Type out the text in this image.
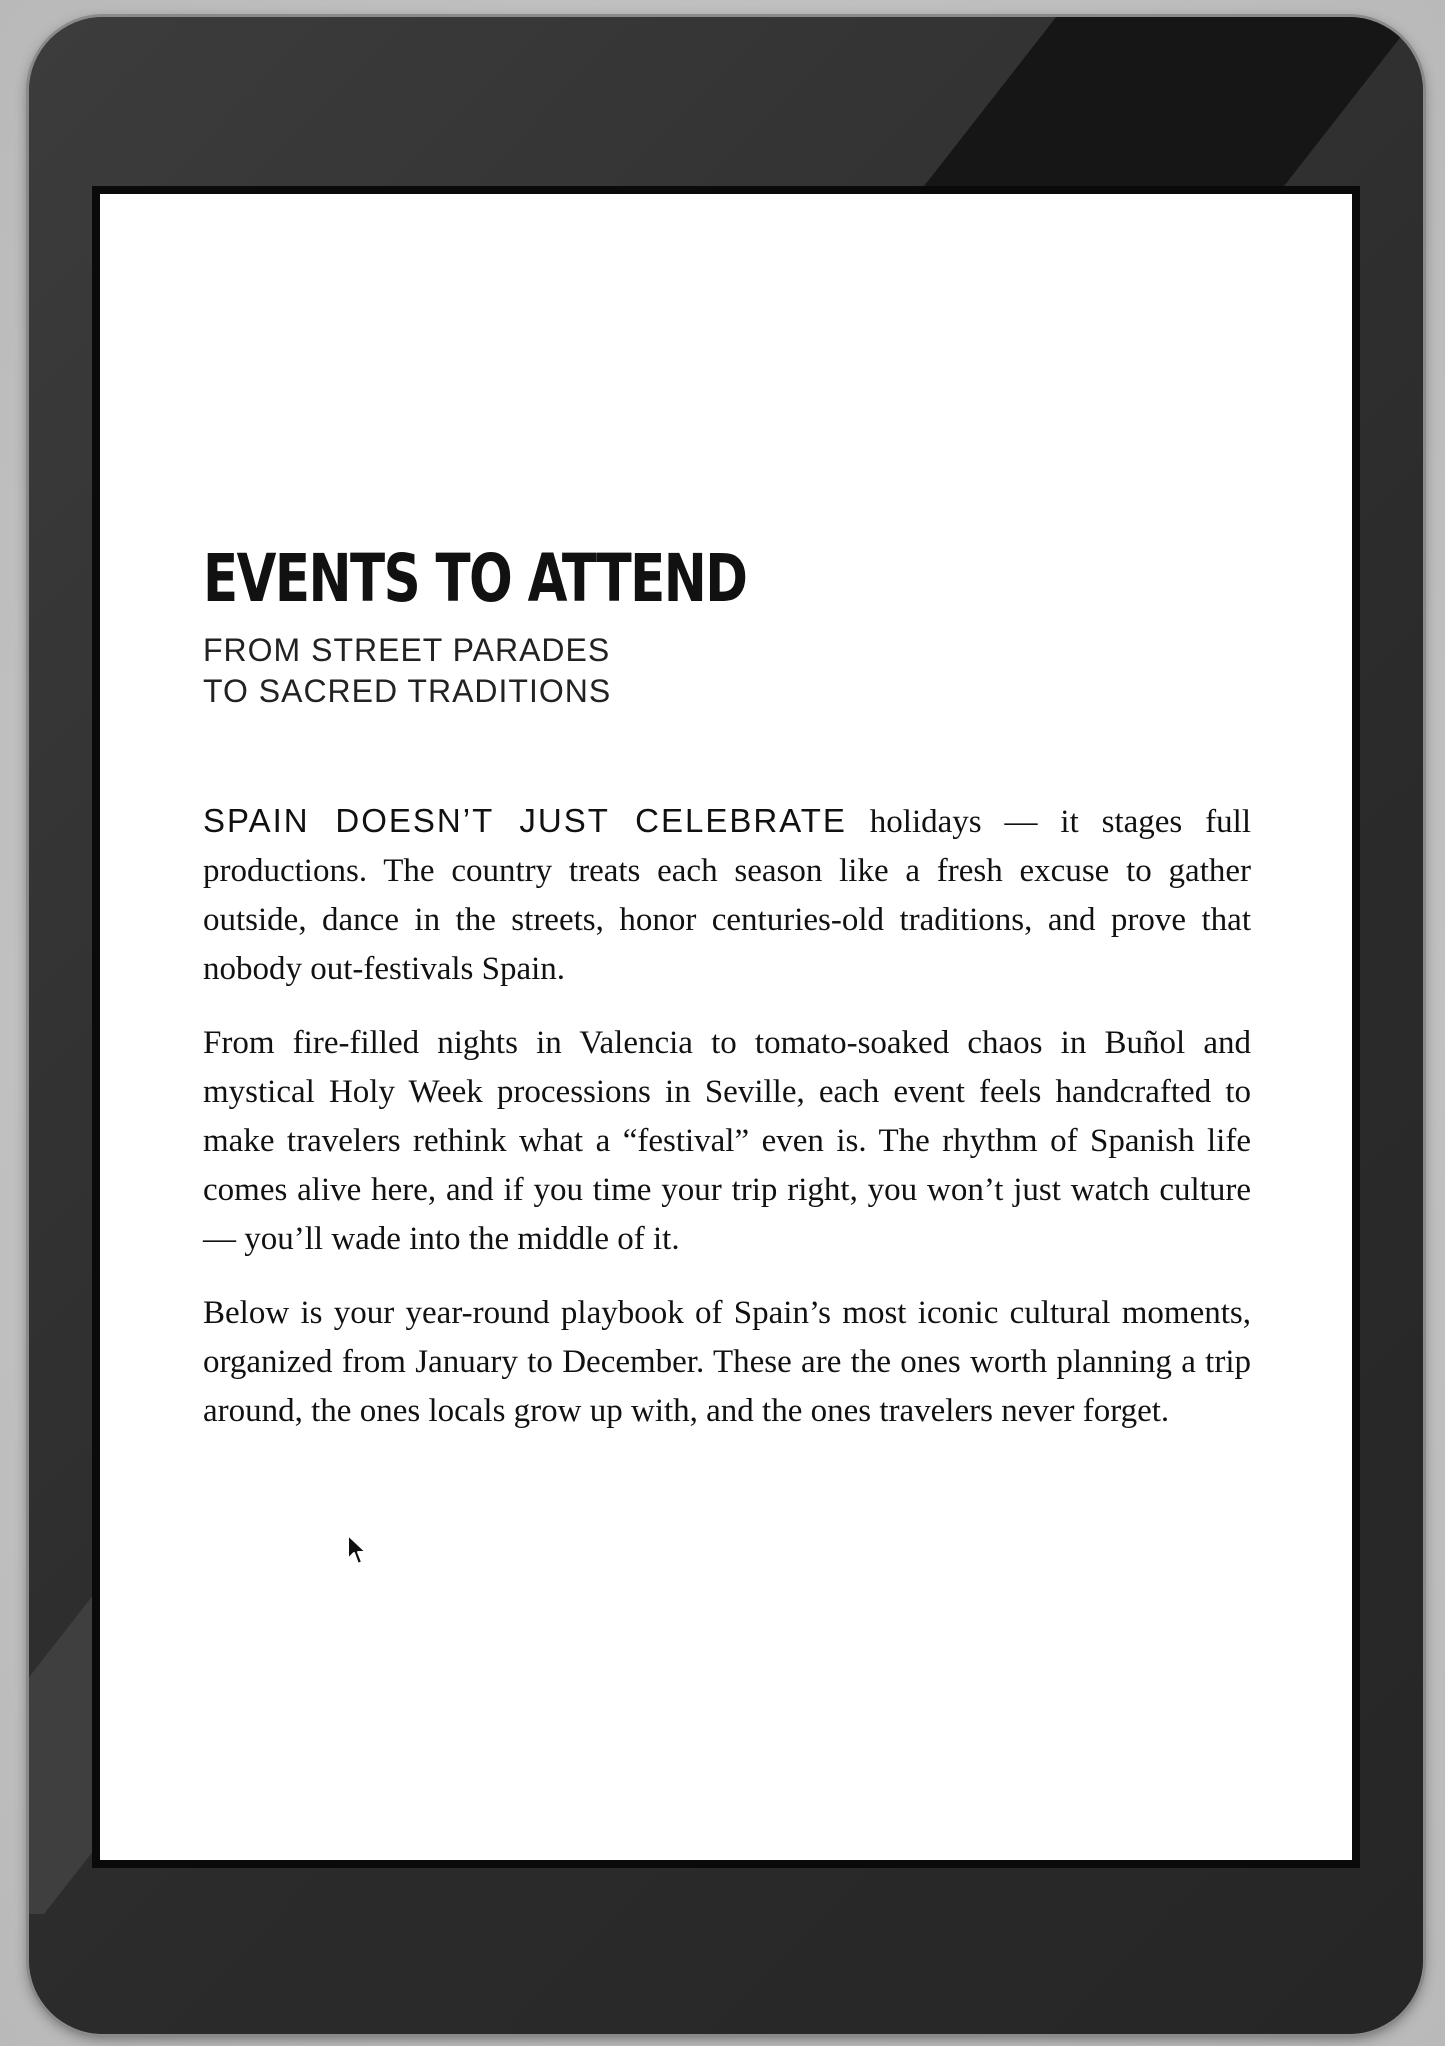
EVENTS TO ATTEND
FROM STREET PARADES
TO SACRED TRADITIONS

SPAIN DOESN’T JUST CELEBRATE holidays — it stages full productions. The country treats each season like a fresh excuse to gather outside, dance in the streets, honor centuries-old traditions, and prove that nobody out-festivals Spain.

From fire-filled nights in Valencia to tomato-soaked chaos in Buñol and mystical Holy Week processions in Seville, each event feels handcrafted to make travelers rethink what a “festival” even is. The rhythm of Spanish life comes alive here, and if you time your trip right, you won’t just watch culture — you’ll wade into the middle of it.

Below is your year-round playbook of Spain’s most iconic cultural moments, organized from January to December. These are the ones worth planning a trip around, the ones locals grow up with, and the ones travelers never forget.
